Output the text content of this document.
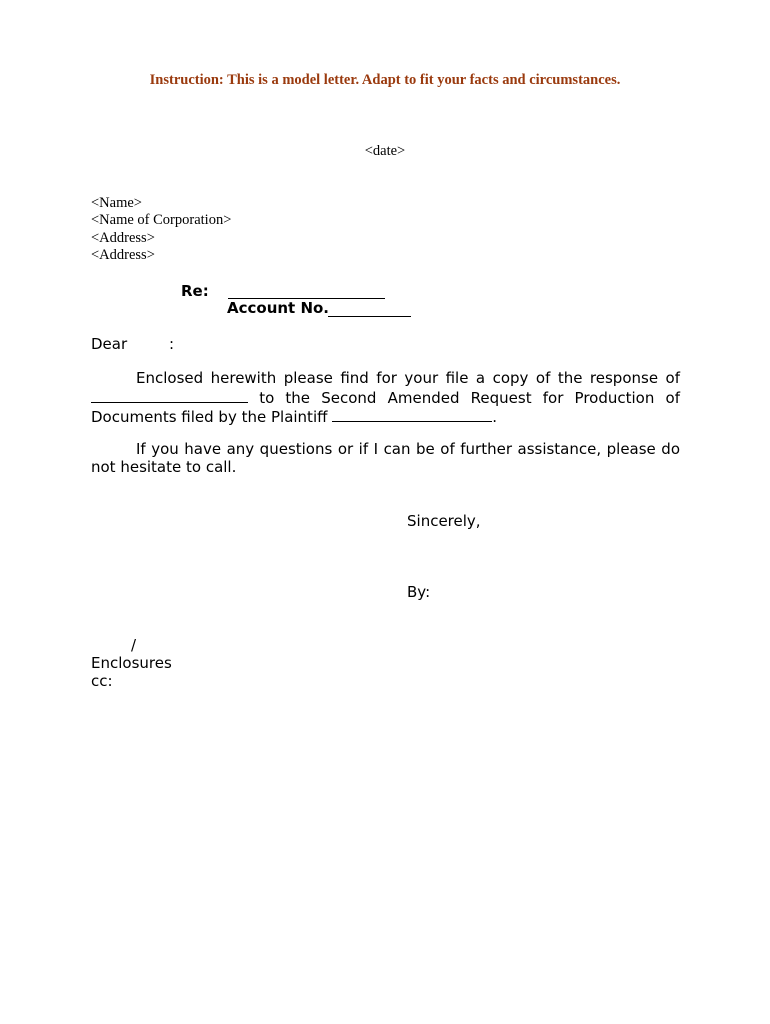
Instruction: This is a model letter. Adapt to fit your facts and circumstances.
<date>
<Name>
<Name of Corporation>
<Address>
<Address>
Re:
Account No.
Dear	:
Enclosed herewith please find for your file a copy of the response of  to the Second Amended Request for Production of Documents filed by the Plaintiff	.
If you have any questions or if I can be of further assistance, please do not hesitate to call.
Sincerely,
By:
/
Enclosures
cc:
